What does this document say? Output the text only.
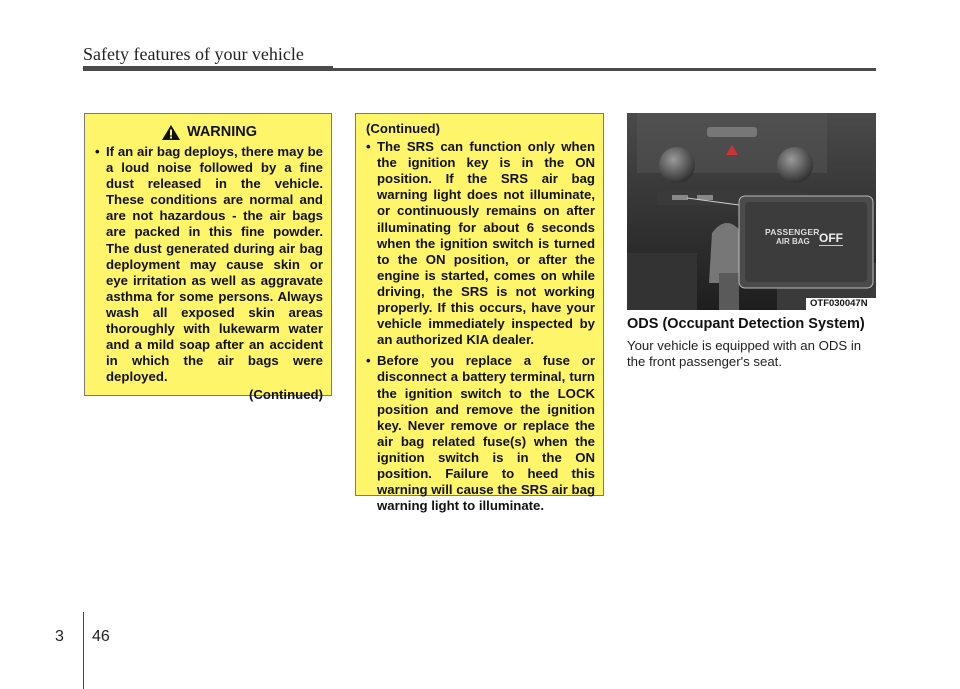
Safety features of your vehicle
WARNING
• If an air bag deploys, there may be a loud noise followed by a fine dust released in the vehicle. These conditions are normal and are not hazardous - the air bags are packed in this fine powder. The dust generated during air bag deployment may cause skin or eye irritation as well as aggravate asthma for some persons. Always wash all exposed skin areas thoroughly with lukewarm water and a mild soap after an accident in which the air bags were deployed.
(Continued)
(Continued)
• The SRS can function only when the ignition key is in the ON position. If the SRS air bag warning light does not illuminate, or continuously remains on after illuminating for about 6 seconds when the ignition switch is turned to the ON position, or after the engine is started, comes on while driving, the SRS is not working properly. If this occurs, have your vehicle immediately inspected by an authorized KIA dealer.
• Before you replace a fuse or disconnect a battery terminal, turn the ignition switch to the LOCK position and remove the ignition key. Never remove or replace the air bag related fuse(s) when the ignition switch is in the ON position. Failure to heed this warning will cause the SRS air bag warning light to illuminate.
PASSENGER
AIR BAG OFF
OTF030047N
ODS (Occupant Detection System)
Your vehicle is equipped with an ODS in the front passenger's seat.
3 46
